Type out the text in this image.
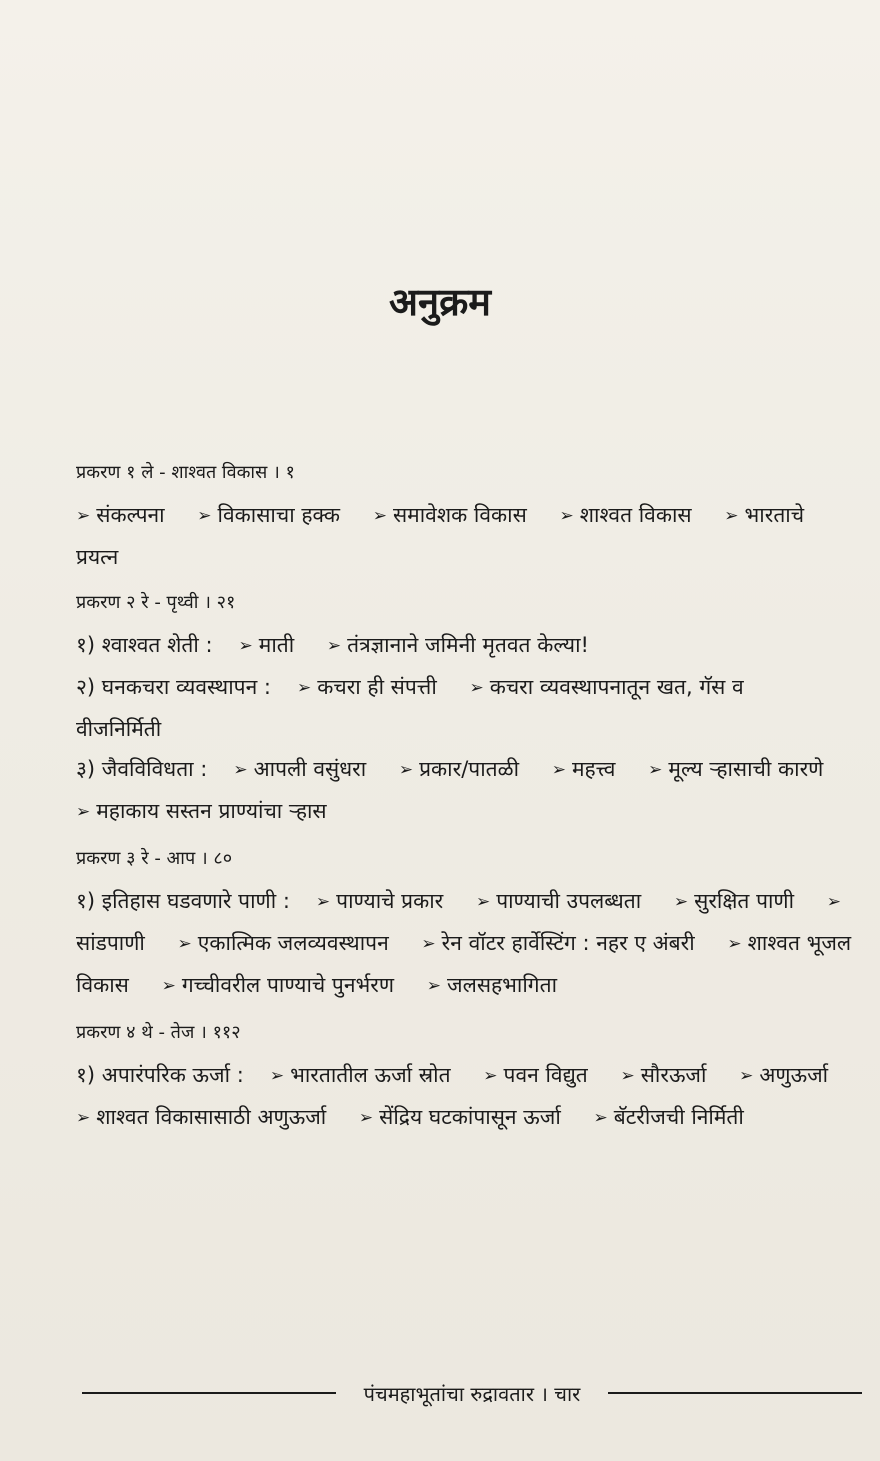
अनुक्रम
प्रकरण १ ले - शाश्वत विकास । १

➢ संकल्पना ➢ विकासाचा हक्क ➢ समावेशक विकास ➢ शाश्वत विकास ➢ भारताचे प्रयत्न

प्रकरण २ रे - पृथ्वी । २१

१) श्वाश्वत शेती : ➢ माती ➢ तंत्रज्ञानाने जमिनी मृतवत केल्या!

२) घनकचरा व्यवस्थापन : ➢ कचरा ही संपत्ती ➢ कचरा व्यवस्थापनातून खत, गॅस व वीजनिर्मिती

३) जैवविविधता : ➢ आपली वसुंधरा ➢ प्रकार/पातळी ➢ महत्त्व ➢ मूल्य ऱ्हासाची कारणे ➢ महाकाय सस्तन प्राण्यांचा ऱ्हास

प्रकरण ३ रे - आप । ८०

१) इतिहास घडवणारे पाणी : ➢ पाण्याचे प्रकार ➢ पाण्याची उपलब्धता ➢ सुरक्षित पाणी ➢सांडपाणी ➢ एकात्मिक जलव्यवस्थापन ➢ रेन वॉटर हार्वेस्टिंग : नहर ए अंबरी ➢ शाश्वत भूजल विकास ➢ गच्चीवरील पाण्याचे पुनर्भरण ➢ जलसहभागिता

प्रकरण ४ थे - तेज । ११२

१) अपारंपरिक ऊर्जा : ➢ भारतातील ऊर्जा स्रोत ➢ पवन विद्युत ➢ सौरऊर्जा ➢ अणुऊर्जा ➢ शाश्वत विकासासाठी अणुऊर्जा ➢ सेंद्रिय घटकांपासून ऊर्जा ➢ बॅटरीजची निर्मिती

पंचमहाभूतांचा रुद्रावतार । चार
